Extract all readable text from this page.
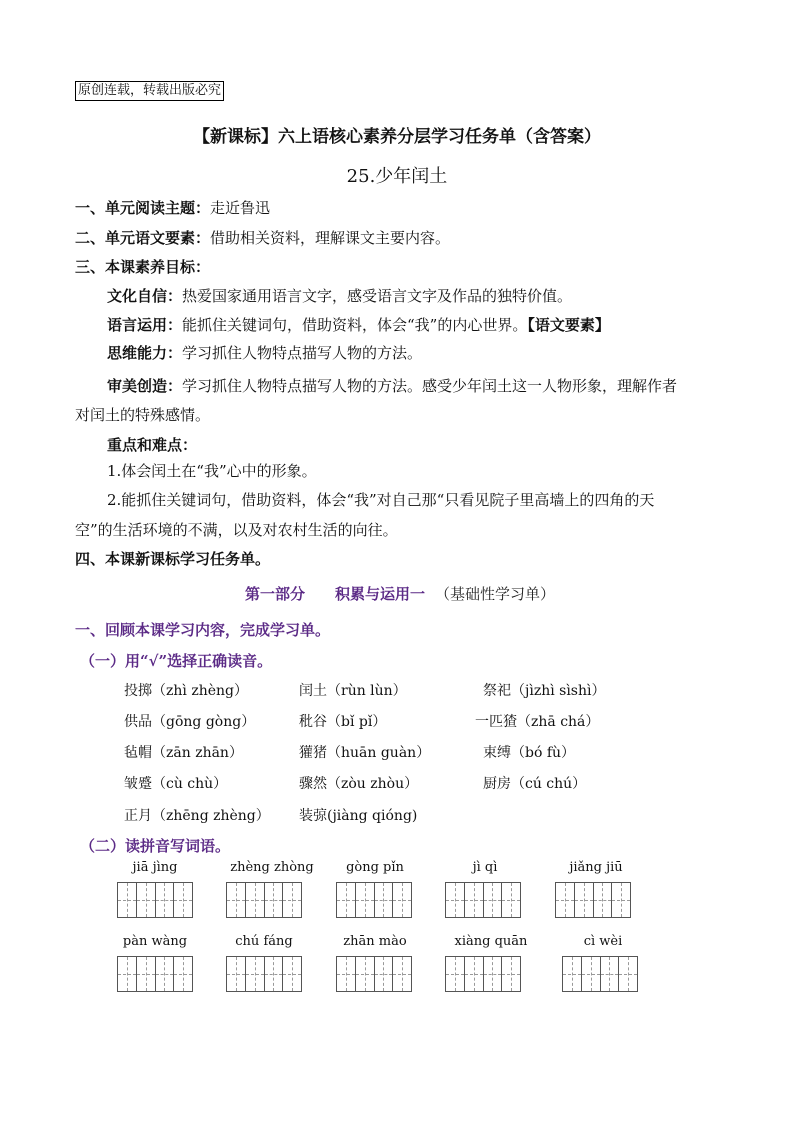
原创连载，转载出版必究
【新课标】六上语核心素养分层学习任务单（含答案）
25.少年闰土
一、单元阅读主题：走近鲁迅
二、单元语文要素：借助相关资料，理解课文主要内容。
三、本课素养目标：
文化自信：热爱国家通用语言文字，感受语言文字及作品的独特价值。
语言运用：能抓住关键词句，借助资料，体会“我”的内心世界。【语文要素】
思维能力：学习抓住人物特点描写人物的方法。
审美创造：学习抓住人物特点描写人物的方法。感受少年闰土这一人物形象，理解作者
对闰土的特殊感情。
重点和难点：
1.体会闰土在“我”心中的形象。
2.能抓住关键词句，借助资料，体会“我”对自己那“只看见院子里高墙上的四角的天
空”的生活环境的不满，以及对农村生活的向往。
四、本课新课标学习任务单。
第一部分 积累与运用一 （基础性学习单）
一、回顾本课学习内容，完成学习单。
（一）用“√”选择正确读音。
投掷（zhì zhèng）	闰土（rùn lùn）	祭祀（jìzhì sìshì）
供品（gōng gòng）	秕谷（bǐ pǐ）	一匹猹（zhā chá）
毡帽（zān zhān）	獾猪（huān guàn）	束缚（bó fù）
皱蹙（cù chù）	骤然（zòu zhòu）	厨房（cú chú）
正月（zhēng zhèng） 装弶(jiàng qióng)
（二）读拼音写词语。
jiā jìng	zhèng zhòng	gòng pǐn	jì qì	jiǎng jiū
pàn wàng	chú fáng	zhān mào	xiàng quān	cì wèi
